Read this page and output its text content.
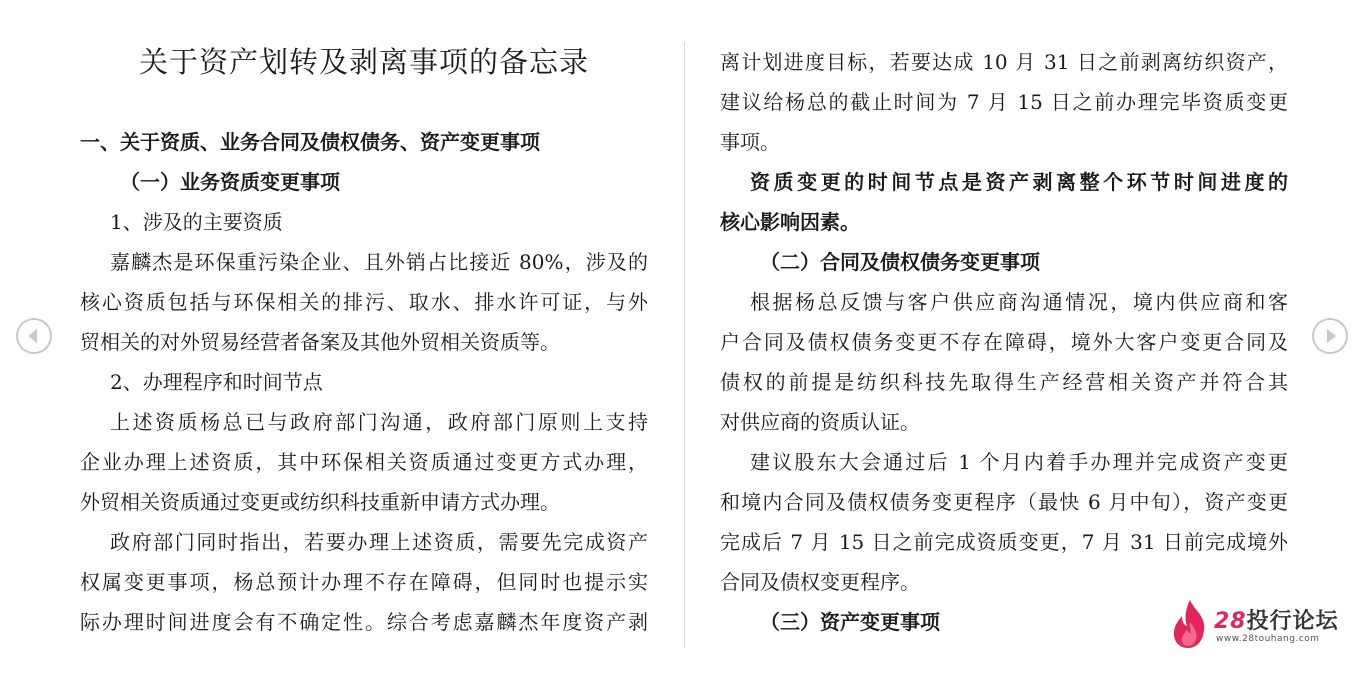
关于资产划转及剥离事项的备忘录
一、关于资质、业务合同及债权债务、资产变更事项
（一）业务资质变更事项
1、涉及的主要资质
嘉麟杰是环保重污染企业、且外销占比接近 80%，涉及的
核心资质包括与环保相关的排污、取水、排水许可证，与外
贸相关的对外贸易经营者备案及其他外贸相关资质等。
2、办理程序和时间节点
上述资质杨总已与政府部门沟通，政府部门原则上支持
企业办理上述资质，其中环保相关资质通过变更方式办理，
外贸相关资质通过变更或纺织科技重新申请方式办理。
政府部门同时指出，若要办理上述资质，需要先完成资产
权属变更事项，杨总预计办理不存在障碍，但同时也提示实
际办理时间进度会有不确定性。综合考虑嘉麟杰年度资产剥
离计划进度目标，若要达成 10 月 31 日之前剥离纺织资产，
建议给杨总的截止时间为 7 月 15 日之前办理完毕资质变更
事项。
资质变更的时间节点是资产剥离整个环节时间进度的
核心影响因素。
（二）合同及债权债务变更事项
根据杨总反馈与客户供应商沟通情况，境内供应商和客
户合同及债权债务变更不存在障碍，境外大客户变更合同及
债权的前提是纺织科技先取得生产经营相关资产并符合其
对供应商的资质认证。
建议股东大会通过后 1 个月内着手办理并完成资产变更
和境内合同及债权债务变更程序（最快 6 月中旬），资产变更
完成后 7 月 15 日之前完成资质变更，7 月 31 日前完成境外
合同及债权变更程序。
（三）资产变更事项	28投行论坛
www.28touhang.com
